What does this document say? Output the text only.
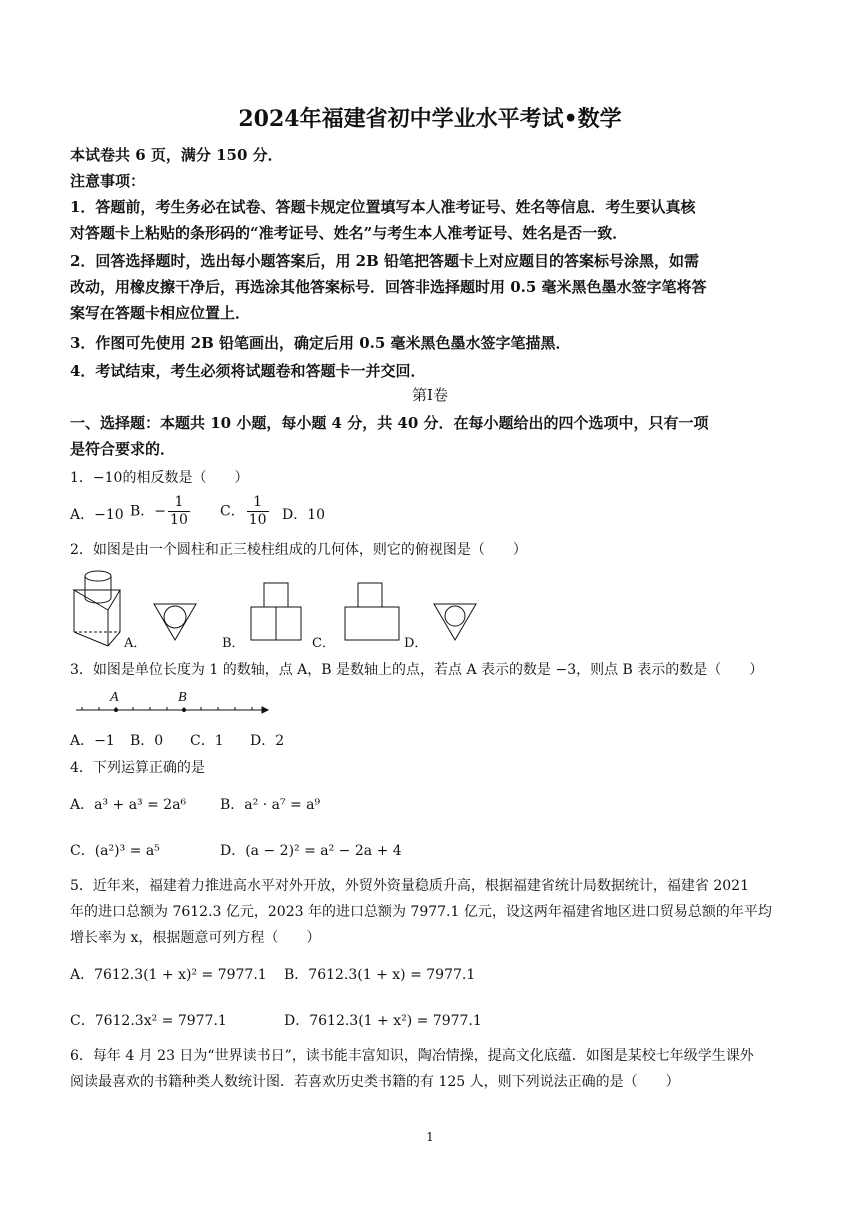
2024年福建省初中学业水平考试•数学
本试卷共 6 页，满分 150 分．
注意事项：
1．答题前，考生务必在试卷、答题卡规定位置填写本人准考证号、姓名等信息．考生要认真核
对答题卡上粘贴的条形码的“准考证号、姓名”与考生本人准考证号、姓名是否一致．
2．回答选择题时，选出每小题答案后，用 2B 铅笔把答题卡上对应题目的答案标号涂黑，如需
改动，用橡皮擦干净后，再选涂其他答案标号．回答非选择题时用 0.5 毫米黑色墨水签字笔将答
案写在答题卡相应位置上．
3．作图可先使用 2B 铅笔画出，确定后用 0.5 毫米黑色墨水签字笔描黑．
4．考试结束，考生必须将试题卷和答题卡一并交回．
第Ⅰ卷
一、选择题：本题共 10 小题，每小题 4 分，共 40 分．在每小题给出的四个选项中，只有一项
是符合要求的．
1．−10的相反数是（　　）
A．−10 B．− $\frac{1}{10}$ C． $\frac{1}{10}$ D．10
2．如图是由一个圆柱和正三棱柱组成的几何体，则它的俯视图是（　　）
A．	B．	C．	D．
3．如图是单位长度为 1 的数轴，点 A，B 是数轴上的点，若点 A 表示的数是 −3，则点 B 表示的数是（　　）
A	B
A．−1 B．0 C．1 D．2
4．下列运算正确的是
A．a³ + a³ = 2a⁶ B．a² · a⁷ = a⁹
C．(a²)³ = a⁵	D．(a − 2)² = a² − 2a + 4
5．近年来，福建着力推进高水平对外开放，外贸外资量稳质升高，根据福建省统计局数据统计，福建省 2021
年的进口总额为 7612.3 亿元，2023 年的进口总额为 7977.1 亿元，设这两年福建省地区进口贸易总额的年平均
增长率为 x，根据题意可列方程（　　）
A．7612.3(1 + x)² = 7977.1 B．7612.3(1 + x) = 7977.1
C．7612.3x² = 7977.1	D．7612.3(1 + x²) = 7977.1
6．每年 4 月 23 日为“世界读书日”，读书能丰富知识，陶冶情操，提高文化底蕴．如图是某校七年级学生课外
阅读最喜欢的书籍种类人数统计图．若喜欢历史类书籍的有 125 人，则下列说法正确的是（　　）
1
